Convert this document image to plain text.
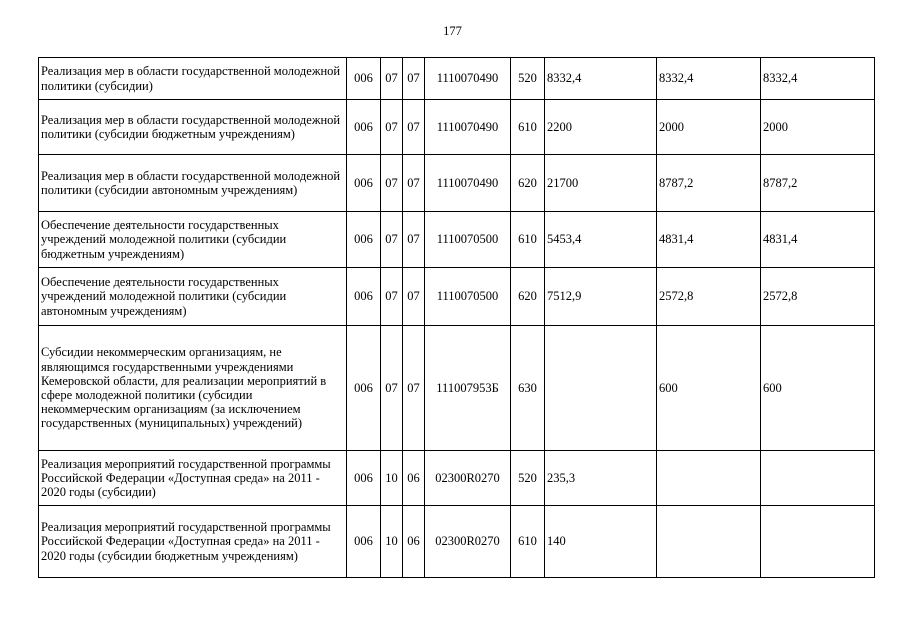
177
Реализация мер в области государственной молодежной политики (субсидии)	006	07	07	1110070490	520	8332,4	8332,4	8332,4
Реализация мер в области государственной молодежной политики (субсидии бюджетным учреждениям)	006	07	07	1110070490	610	2200	2000	2000
Реализация мер в области государственной молодежной политики (субсидии автономным учреждениям)	006	07	07	1110070490	620	21700	8787,2	8787,2
Обеспечение деятельности государственных учреждений молодежной политики (субсидии бюджетным учреждениям)	006	07	07	1110070500	610	5453,4	4831,4	4831,4
Обеспечение деятельности государственных учреждений молодежной политики (субсидии автономным учреждениям)	006	07	07	1110070500	620	7512,9	2572,8	2572,8
Субсидии некоммерческим организациям, не являющимся государственными учреждениями Кемеровской области, для реализации мероприятий в сфере молодежной политики (субсидии некоммерческим организациям (за исключением государственных (муниципальных) учреждений)	006	07	07	111007953Б	630		600	600
Реализация мероприятий государственной программы Российской Федерации «Доступная среда» на 2011 - 2020 годы (субсидии)	006	10	06	02300R0270	520	235,3		
Реализация мероприятий государственной программы Российской Федерации «Доступная среда» на 2011 - 2020 годы (субсидии бюджетным учреждениям)	006	10	06	02300R0270	610	140		
